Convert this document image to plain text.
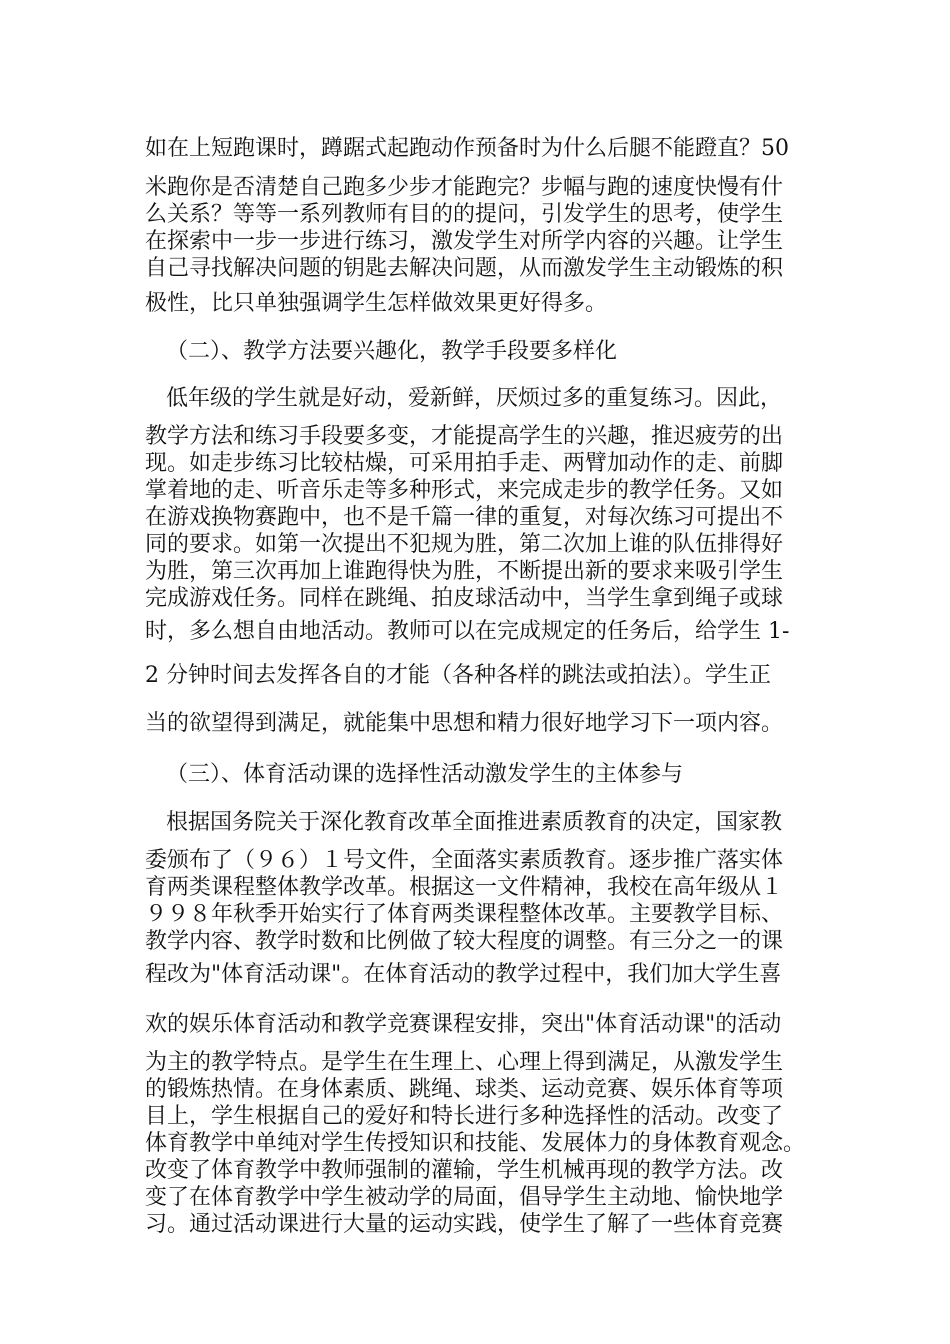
如在上短跑课时，蹲踞式起跑动作预备时为什么后腿不能蹬直？50
米跑你是否清楚自己跑多少步才能跑完？步幅与跑的速度快慢有什
么关系？等等一系列教师有目的的提问，引发学生的思考，使学生
在探索中一步一步进行练习，激发学生对所学内容的兴趣。让学生
自己寻找解决问题的钥匙去解决问题，从而激发学生主动锻炼的积
极性，比只单独强调学生怎样做效果更好得多。
（二）、教学方法要兴趣化，教学手段要多样化
低年级的学生就是好动，爱新鲜，厌烦过多的重复练习。因此，
教学方法和练习手段要多变，才能提高学生的兴趣，推迟疲劳的出
现。如走步练习比较枯燥，可采用拍手走、两臂加动作的走、前脚
掌着地的走、听音乐走等多种形式，来完成走步的教学任务。又如
在游戏换物赛跑中，也不是千篇一律的重复，对每次练习可提出不
同的要求。如第一次提出不犯规为胜，第二次加上谁的队伍排得好
为胜，第三次再加上谁跑得快为胜，不断提出新的要求来吸引学生
完成游戏任务。同样在跳绳、拍皮球活动中，当学生拿到绳子或球
时，多么想自由地活动。教师可以在完成规定的任务后，给学生 1-
2 分钟时间去发挥各自的才能（各种各样的跳法或拍法）。学生正
当的欲望得到满足，就能集中思想和精力很好地学习下一项内容。
（三）、体育活动课的选择性活动激发学生的主体参与
根据国务院关于深化教育改革全面推进素质教育的决定，国家教
委颁布了（９６）１号文件，全面落实素质教育。逐步推广落实体
育两类课程整体教学改革。根据这一文件精神，我校在高年级从１
９９８年秋季开始实行了体育两类课程整体改革。主要教学目标、
教学内容、教学时数和比例做了较大程度的调整。有三分之一的课
程改为"体育活动课"。在体育活动的教学过程中，我们加大学生喜
欢的娱乐体育活动和教学竞赛课程安排，突出"体育活动课"的活动
为主的教学特点。是学生在生理上、心理上得到满足，从激发学生
的锻炼热情。在身体素质、跳绳、球类、运动竞赛、娱乐体育等项
目上，学生根据自己的爱好和特长进行多种选择性的活动。改变了
体育教学中单纯对学生传授知识和技能、发展体力的身体教育观念。
改变了体育教学中教师强制的灌输，学生机械再现的教学方法。改
变了在体育教学中学生被动学的局面，倡导学生主动地、愉快地学
习。通过活动课进行大量的运动实践，使学生了解了一些体育竞赛
